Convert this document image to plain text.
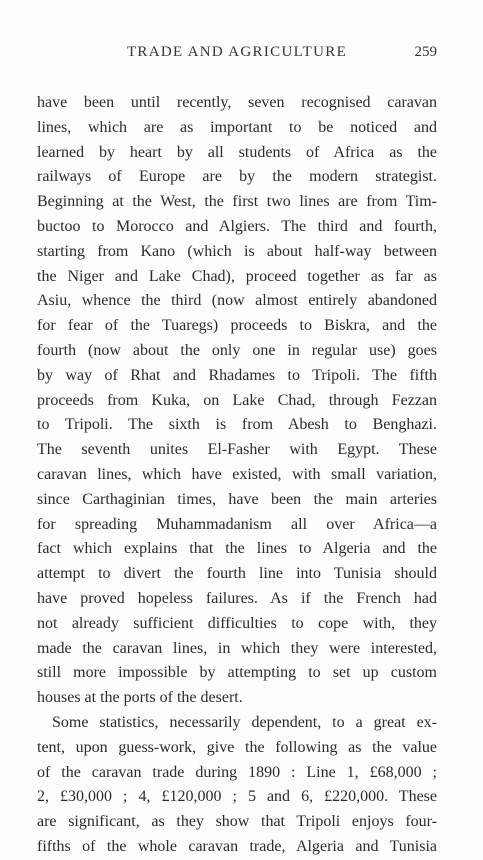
TRADE AND AGRICULTURE	259
have been until recently, seven recognised caravan
lines, which are as important to be noticed and
learned by heart by all students of Africa as the
railways of Europe are by the modern strategist.
Beginning at the West, the first two lines are from Tim-
buctoo to Morocco and Algiers. The third and fourth,
starting from Kano (which is about half-way between
the Niger and Lake Chad), proceed together as far as
Asiu, whence the third (now almost entirely abandoned
for fear of the Tuaregs) proceeds to Biskra, and the
fourth (now about the only one in regular use) goes
by way of Rhat and Rhadames to Tripoli. The fifth
proceeds from Kuka, on Lake Chad, through Fezzan
to Tripoli. The sixth is from Abesh to Benghazi.
The seventh unites El-Fasher with Egypt. These
caravan lines, which have existed, with small variation,
since Carthaginian times, have been the main arteries
for spreading Muhammadanism all over Africa—a
fact which explains that the lines to Algeria and the
attempt to divert the fourth line into Tunisia should
have proved hopeless failures. As if the French had
not already sufficient difficulties to cope with, they
made the caravan lines, in which they were interested,
still more impossible by attempting to set up custom
houses at the ports of the desert.
Some statistics, necessarily dependent, to a great ex-
tent, upon guess-work, give the following as the value
of the caravan trade during 1890 : Line 1, £68,000 ;
2, £30,000 ; 4, £120,000 ; 5 and 6, £220,000. These
are significant, as they show that Tripoli enjoys four-
fifths of the whole caravan trade, Algeria and Tunisia
